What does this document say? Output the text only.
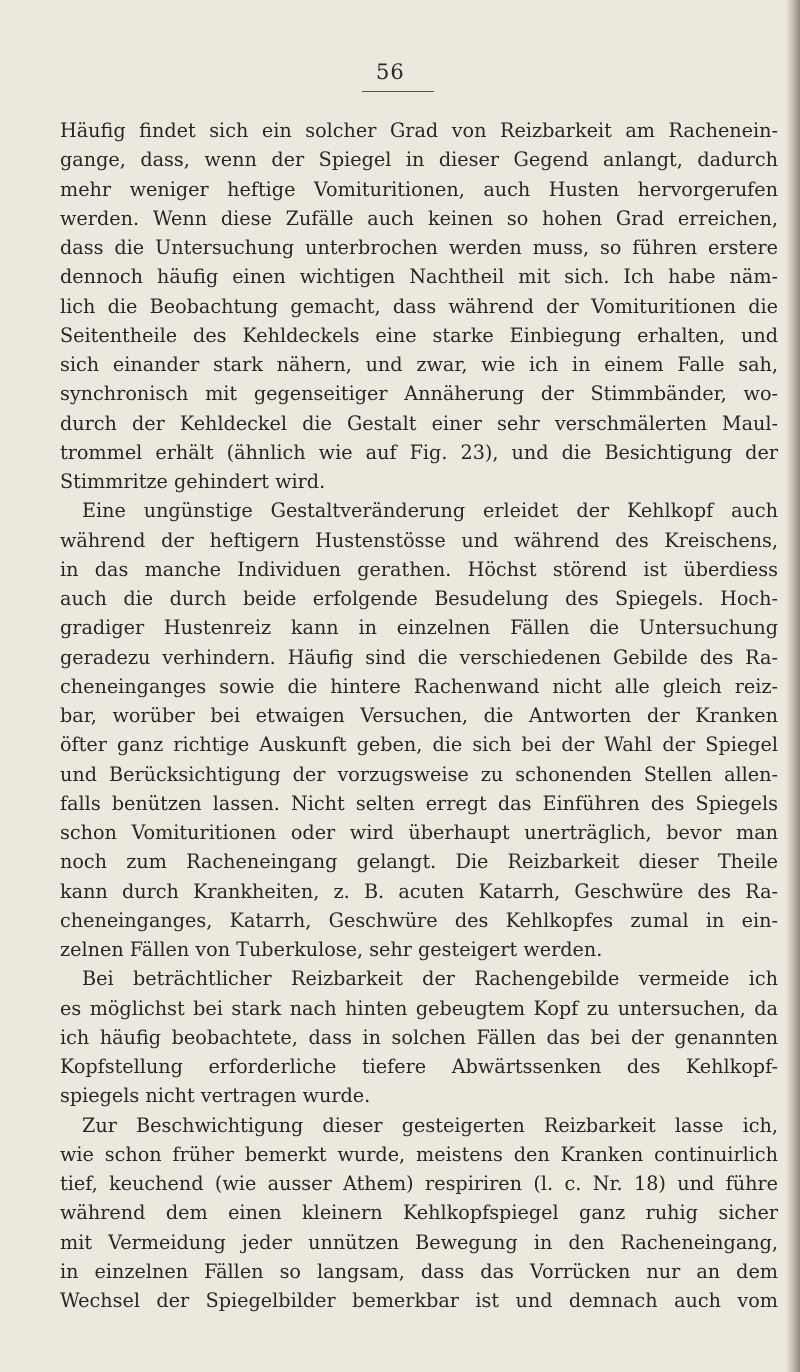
56
Häufig findet sich ein solcher Grad von Reizbarkeit am Rachenein-
gange, dass, wenn der Spiegel in dieser Gegend anlangt, dadurch
mehr weniger heftige Vomituritionen, auch Husten hervorgerufen
werden. Wenn diese Zufälle auch keinen so hohen Grad erreichen,
dass die Untersuchung unterbrochen werden muss, so führen erstere
dennoch häufig einen wichtigen Nachtheil mit sich. Ich habe näm-
lich die Beobachtung gemacht, dass während der Vomituritionen die
Seitentheile des Kehldeckels eine starke Einbiegung erhalten, und
sich einander stark nähern, und zwar, wie ich in einem Falle sah,
synchronisch mit gegenseitiger Annäherung der Stimmbänder, wo-
durch der Kehldeckel die Gestalt einer sehr verschmälerten Maul-
trommel erhält (ähnlich wie auf Fig. 23), und die Besichtigung der
Stimmritze gehindert wird.
Eine ungünstige Gestaltveränderung erleidet der Kehlkopf auch
während der heftigern Hustenstösse und während des Kreischens,
in das manche Individuen gerathen. Höchst störend ist überdiess
auch die durch beide erfolgende Besudelung des Spiegels. Hoch-
gradiger Hustenreiz kann in einzelnen Fällen die Untersuchung
geradezu verhindern. Häufig sind die verschiedenen Gebilde des Ra-
cheneinganges sowie die hintere Rachenwand nicht alle gleich reiz-
bar, worüber bei etwaigen Versuchen, die Antworten der Kranken
öfter ganz richtige Auskunft geben, die sich bei der Wahl der Spiegel
und Berücksichtigung der vorzugsweise zu schonenden Stellen allen-
falls benützen lassen. Nicht selten erregt das Einführen des Spiegels
schon Vomituritionen oder wird überhaupt unerträglich, bevor man
noch zum Racheneingang gelangt. Die Reizbarkeit dieser Theile
kann durch Krankheiten, z. B. acuten Katarrh, Geschwüre des Ra-
cheneinganges, Katarrh, Geschwüre des Kehlkopfes zumal in ein-
zelnen Fällen von Tuberkulose, sehr gesteigert werden.
Bei beträchtlicher Reizbarkeit der Rachengebilde vermeide ich
es möglichst bei stark nach hinten gebeugtem Kopf zu untersuchen, da
ich häufig beobachtete, dass in solchen Fällen das bei der genannten
Kopfstellung erforderliche tiefere Abwärtssenken des Kehlkopf-
spiegels nicht vertragen wurde.
Zur Beschwichtigung dieser gesteigerten Reizbarkeit lasse ich,
wie schon früher bemerkt wurde, meistens den Kranken continuirlich
tief, keuchend (wie ausser Athem) respiriren (l. c. Nr. 18) und führe
während dem einen kleinern Kehlkopfspiegel ganz ruhig sicher
mit Vermeidung jeder unnützen Bewegung in den Racheneingang,
in einzelnen Fällen so langsam, dass das Vorrücken nur an dem
Wechsel der Spiegelbilder bemerkbar ist und demnach auch vom
